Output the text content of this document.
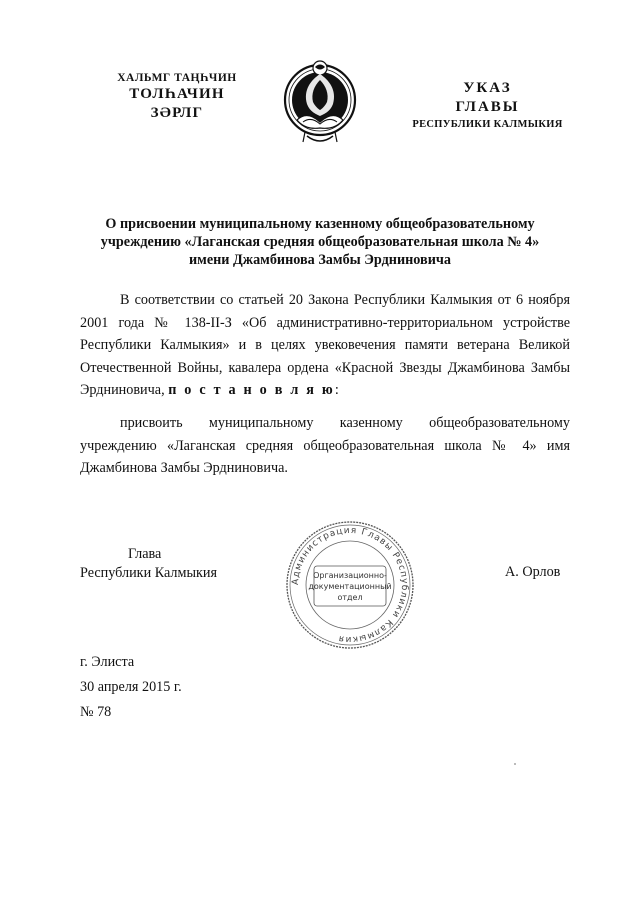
ХАЛЬМГ ТАҢҺЧИН
ТОЛҺАЧИН
ЗӘРЛГ
УКАЗ
ГЛАВЫ
РЕСПУБЛИКИ КАЛМЫКИЯ
О присвоении муниципальному казенному общеобразовательному
учреждению «Лаганская средняя общеобразовательная школа № 4»
имени Джамбинова Замбы Эрдниновича
В соответствии со статьей 20 Закона Республики Калмыкия от 6 ноября 2001 года № 138-II-З «Об административно-территориальном устройстве Республики Калмыкия» и в целях увековечения памяти ветерана Великой Отечественной Войны, кавалера ордена «Красной Звезды Джамбинова Замбы Эрдниновича, п о с т а н о в л я ю:
присвоить муниципальному казенному общеобразовательному учреждению «Лаганская средняя общеобразовательная школа № 4» имя Джамбинова Замбы Эрдниновича.
Глава
Республики Калмыкия
Администрация Главы Республики Калмыкия
Организационно-
документационный
отдел
А. Орлов
г. Элиста
30 апреля 2015 г.
№ 78
